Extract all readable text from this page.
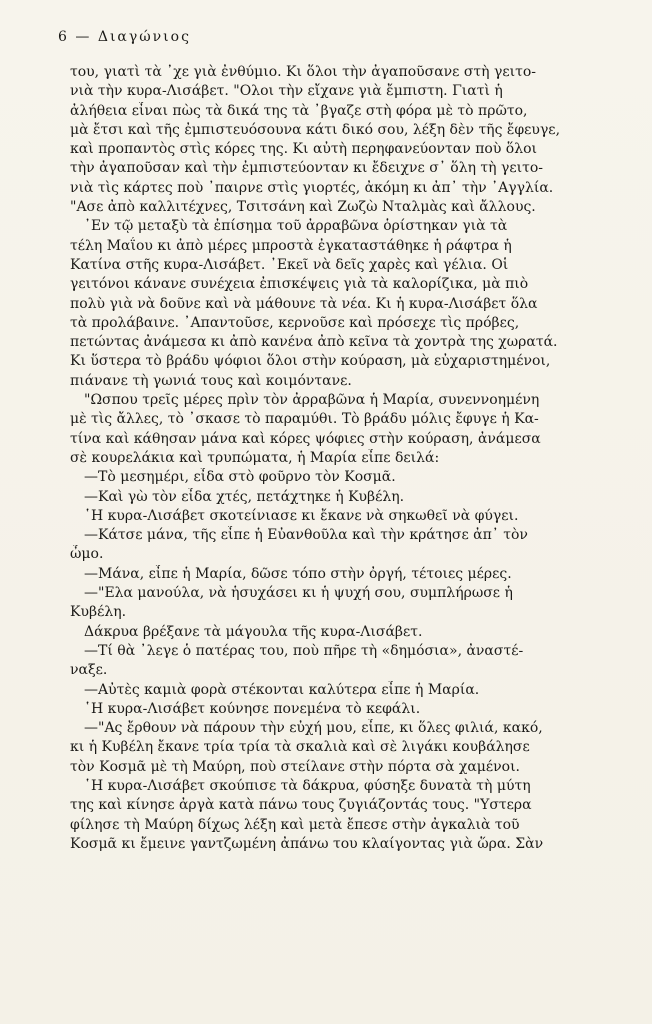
6 — Διαγώνιος
του, γιατὶ τὰ ᾽χε γιὰ ἐνθύμιο. Κι ὅλοι τὴν ἀγαποῦσανε στὴ γειτο-
νιὰ τὴν κυρα-Λισάβετ. "Ολοι τὴν εἴχανε γιὰ ἔμπιστη. Γιατὶ ἡ
ἀλήθεια εἶναι πὼς τὰ δικά της τὰ ᾽βγαζε στὴ φόρα μὲ τὸ πρῶτο,
μὰ ἔτσι καὶ τῆς ἐμπιστευόσουνα κάτι δικό σου, λέξη δὲν τῆς ἔφευγε,
καὶ προπαντὸς στὶς κόρες της. Κι αὐτὴ περηφανεύονταν ποὺ ὅλοι
τὴν ἀγαποῦσαν καὶ τὴν ἐμπιστεύονταν κι ἔδειχνε σ᾽ ὅλη τὴ γειτο-
νιὰ τὶς κάρτες ποὺ ᾽παιρνε στὶς γιορτές, ἀκόμη κι ἀπ᾽ τὴν ᾽Αγγλία.
"Ασε ἀπὸ καλλιτέχνες, Τσιτσάνη καὶ Ζωζὼ Νταλμὰς καὶ ἄλλους.
᾽Εν τῷ μεταξὺ τὰ ἐπίσημα τοῦ ἀρραβῶνα ὁρίστηκαν γιὰ τὰ
τέλη Μαΐου κι ἀπὸ μέρες μπροστὰ ἐγκαταστάθηκε ἡ ράφτρα ἡ
Κατίνα στῆς κυρα-Λισάβετ. ᾽Εκεῖ νὰ δεῖς χαρὲς καὶ γέλια. Οἱ
γειτόνοι κάνανε συνέχεια ἐπισκέψεις γιὰ τὰ καλορίζικα, μὰ πιὸ
πολὺ γιὰ νὰ δοῦνε καὶ νὰ μάθουνε τὰ νέα. Κι ἡ κυρα-Λισάβετ ὅλα
τὰ προλάβαινε. ᾽Απαντοῦσε, κερνοῦσε καὶ πρόσεχε τὶς πρόβες,
πετώντας ἀνάμεσα κι ἀπὸ κανένα ἀπὸ κεῖνα τὰ χοντρὰ της χωρατά.
Κι ὕστερα τὸ βράδυ ψόφιοι ὅλοι στὴν κούραση, μὰ εὐχαριστημένοι,
πιάνανε τὴ γωνιά τους καὶ κοιμόντανε.
"Ωσπου τρεῖς μέρες πρὶν τὸν ἀρραβῶνα ἡ Μαρία, συνεννοημένη
μὲ τὶς ἄλλες, τὸ ᾽σκασε τὸ παραμύθι. Τὸ βράδυ μόλις ἔφυγε ἡ Κα-
τίνα καὶ κάθησαν μάνα καὶ κόρες ψόφιες στὴν κούραση, ἀνάμεσα
σὲ κουρελάκια καὶ τρυπώματα, ἡ Μαρία εἶπε δειλά:
—Τὸ μεσημέρι, εἶδα στὸ φοῦρνο τὸν Κοσμᾶ.
—Καὶ γὼ τὸν εἶδα χτές, πετάχτηκε ἡ Κυβέλη.
῾Η κυρα-Λισάβετ σκοτείνιασε κι ἔκανε νὰ σηκωθεῖ νὰ φύγει.
—Κάτσε μάνα, τῆς εἶπε ἡ Εὐανθοῦλα καὶ τὴν κράτησε ἀπ᾽ τὸν
ὦμο.
—Μάνα, εἶπε ἡ Μαρία, δῶσε τόπο στὴν ὀργή, τέτοιες μέρες.
—"Ελα μανούλα, νὰ ἡσυχάσει κι ἡ ψυχή σου, συμπλήρωσε ἡ
Κυβέλη.
Δάκρυα βρέξανε τὰ μάγουλα τῆς κυρα-Λισάβετ.
—Τί θὰ ᾽λεγε ὁ πατέρας του, ποὺ πῆρε τὴ «δημόσια», ἀναστέ-
ναξε.
—Αὐτὲς καμιὰ φορὰ στέκονται καλύτερα εἶπε ἡ Μαρία.
῾Η κυρα-Λισάβετ κούνησε πονεμένα τὸ κεφάλι.
—"Ας ἔρθουν νὰ πάρουν τὴν εὐχή μου, εἶπε, κι ὅλες φιλιά, κακό,
κι ἡ Κυβέλη ἔκανε τρία τρία τὰ σκαλιὰ καὶ σὲ λιγάκι κουβάλησε
τὸν Κοσμᾶ μὲ τὴ Μαύρη, ποὺ στείλανε στὴν πόρτα σὰ χαμένοι.
῾Η κυρα-Λισάβετ σκούπισε τὰ δάκρυα, φύσηξε δυνατὰ τὴ μύτη
της καὶ κίνησε ἀργὰ κατὰ πάνω τους ζυγιάζοντάς τους. "Υστερα
φίλησε τὴ Μαύρη δίχως λέξη καὶ μετὰ ἔπεσε στὴν ἀγκαλιὰ τοῦ
Κοσμᾶ κι ἔμεινε γαντζωμένη ἀπάνω του κλαίγοντας γιὰ ὥρα. Σὰν
